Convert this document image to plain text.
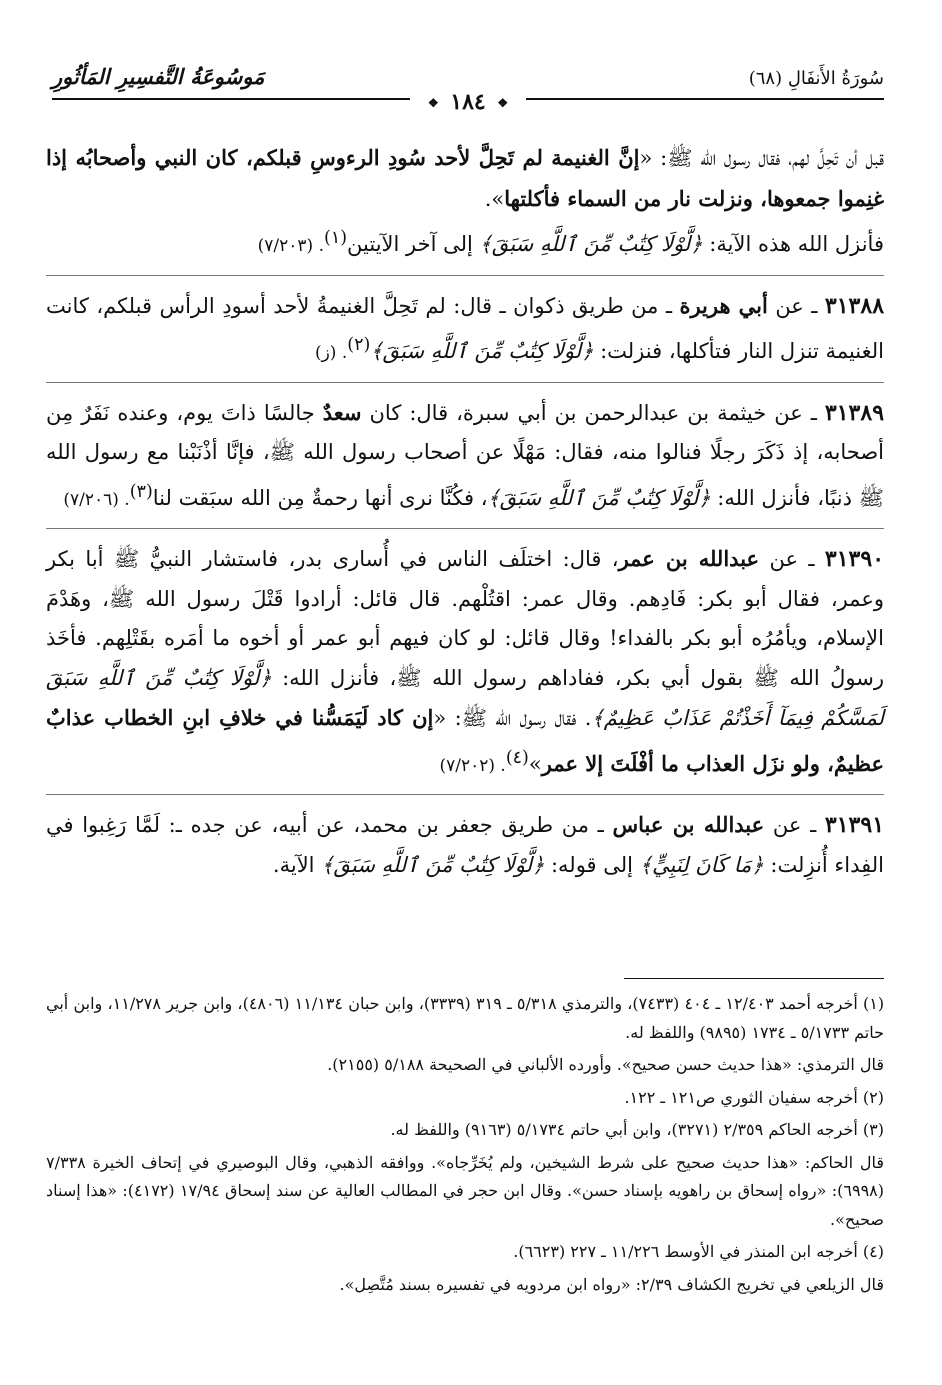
مَوسُوعَةُ التَّفسِيرِ المَأثُورِ	سُورَةُ الأَنفَالِ (٦٨)
❖ ١٨٤ ❖

قبل أن تَحِلَّ لهم، فقال رسول الله ﷺ: «إنَّ الغنيمة لم تَحِلَّ لأحد سُودِ الرءوسِ قبلكم، كان النبي وأصحابُه إذا غنِموا جمعوها، ونزلت نار من السماء فأكلتها».

فأنزل الله هذه الآية: ﴿لَّوْلَا كِتَٰبٌ مِّنَ ٱللَّهِ سَبَقَ﴾ إلى آخر الآيتين$^{(١)}$. (٧/٢٠٣)

٣١٣٨٨ ـ عن أبي هريرة ـ من طريق ذكوان ـ قال: لم تَحِلَّ الغنيمةُ لأحد أسودِ الرأس قبلكم، كانت الغنيمة تنزل النار فتأكلها، فنزلت: ﴿لَّوْلَا كِتَٰبٌ مِّنَ ٱللَّهِ سَبَقَ﴾$^{(٢)}$. (ز)

٣١٣٨٩ ـ عن خيثمة بن عبدالرحمن بن أبي سبرة، قال: كان سعدٌ جالسًا ذاتَ يوم، وعنده نَفَرٌ مِن أصحابه، إذ ذَكَرَ رجلًا فنالوا منه، فقال: مَهْلًا عن أصحاب رسول الله ﷺ، فإنَّا أذْنَبْنا مع رسول الله ﷺ ذنبًا، فأنزل الله: ﴿لَّوْلَا كِتَٰبٌ مِّنَ ٱللَّهِ سَبَقَ﴾، فكُنَّا نرى أنها رحمةٌ مِن الله سبَقت لنا$^{(٣)}$. (٧/٢٠٦)

٣١٣٩٠ ـ عن عبدالله بن عمر، قال: اختلَف الناس في أُسارى بدر، فاستشار النبيُّ ﷺ أبا بكر وعمر، فقال أبو بكر: فَادِهم. وقال عمر: اقتُلْهم. قال قائل: أرادوا قَتْلَ رسول الله ﷺ، وهَدْمَ الإسلام، ويأمُرُه أبو بكر بالفداء! وقال قائل: لو كان فيهم أبو عمر أو أخوه ما أمَره بقَتْلِهم. فأخَذ رسولُ الله ﷺ بقول أبي بكر، ففاداهم رسول الله ﷺ، فأنزل الله: ﴿لَّوْلَا كِتَٰبٌ مِّنَ ٱللَّهِ سَبَقَ لَمَسَّكُمْ فِيمَآ أَخَذْتُمْ عَذَابٌ عَظِيمٌ﴾. فقال رسول الله ﷺ: «إن كاد لَيَمَسُّنا في خلافِ ابنِ الخطاب عذابٌ عظيمٌ، ولو نزَل العذاب ما أفْلَتَ إلا عمر»$^{(٤)}$. (٧/٢٠٢)

٣١٣٩١ ـ عن عبدالله بن عباس ـ من طريق جعفر بن محمد، عن أبيه، عن جده ـ: لَمَّا رَغِبوا في الفِداء أُنزِلت: ﴿مَا كَانَ لِنَبِيٍّ﴾ إلى قوله: ﴿لَّوْلَا كِتَٰبٌ مِّنَ ٱللَّهِ سَبَقَ﴾ الآية.

(١) أخرجه أحمد ١٢/٤٠٣ ـ ٤٠٤ (٧٤٣٣)، والترمذي ٥/٣١٨ ـ ٣١٩ (٣٣٣٩)، وابن حبان ١١/١٣٤ (٤٨٠٦)، وابن جرير ١١/٢٧٨، وابن أبي حاتم ٥/١٧٣٣ ـ ١٧٣٤ (٩٨٩٥) واللفظ له.

قال الترمذي: «هذا حديث حسن صحيح». وأورده الألباني في الصحيحة ٥/١٨٨ (٢١٥٥).

(٢) أخرجه سفيان الثوري ص١٢١ ـ ١٢٢.

(٣) أخرجه الحاكم ٢/٣٥٩ (٣٢٧١)، وابن أبي حاتم ٥/١٧٣٤ (٩١٦٣) واللفظ له.

قال الحاكم: «هذا حديث صحيح على شرط الشيخين، ولم يُخَرِّجاه». ووافقه الذهبي، وقال البوصيري في إتحاف الخيرة ٧/٣٣٨ (٦٩٩٨): «رواه إسحاق بن راهويه بإسناد حسن». وقال ابن حجر في المطالب العالية عن سند إسحاق ١٧/٩٤ (٤١٧٢): «هذا إسناد صحيح».

(٤) أخرجه ابن المنذر في الأوسط ١١/٢٢٦ ـ ٢٢٧ (٦٦٢٣).

قال الزيلعي في تخريج الكشاف ٢/٣٩: «رواه ابن مردويه في تفسيره بسند مُتَّصِل».
